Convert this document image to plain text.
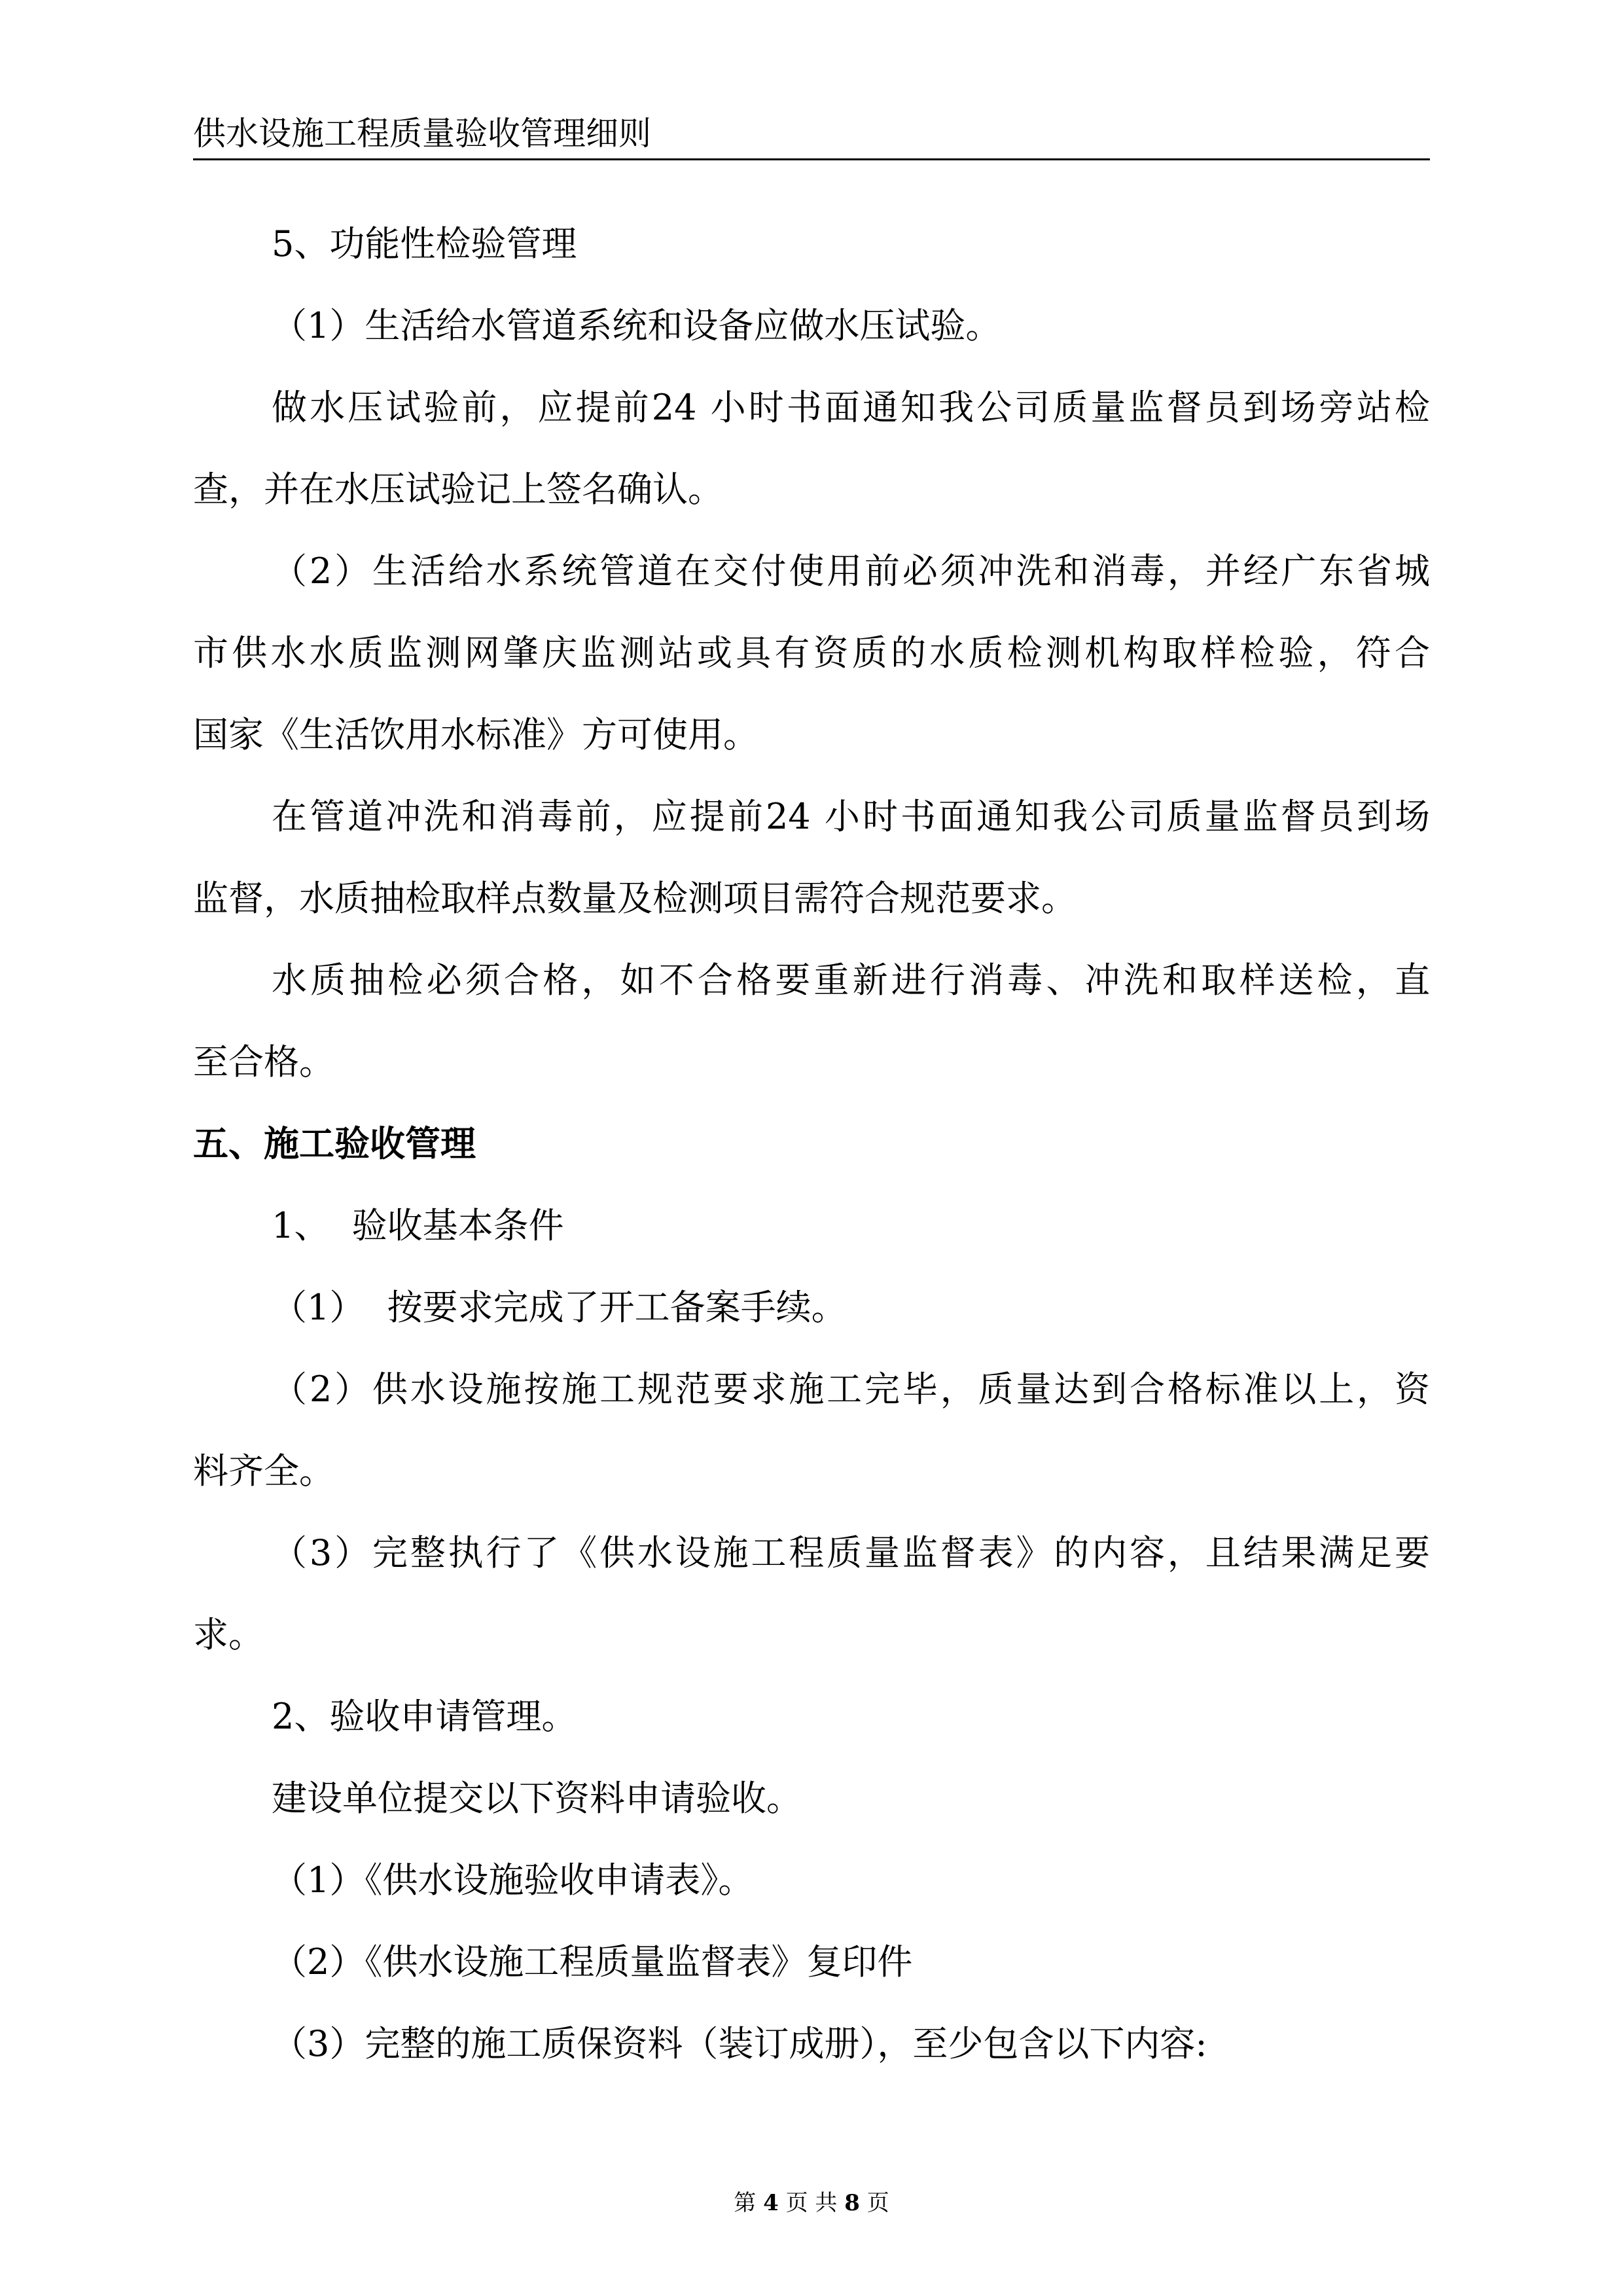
供水设施工程质量验收管理细则
5、功能性检验管理
（1）生活给水管道系统和设备应做水压试验。
做水压试验前，应提前24 小时书面通知我公司质量监督员到场旁站检
查，并在水压试验记上签名确认。
（2）生活给水系统管道在交付使用前必须冲洗和消毒，并经广东省城
市供水水质监测网肇庆监测站或具有资质的水质检测机构取样检验，符合
国家《生活饮用水标准》方可使用。
在管道冲洗和消毒前，应提前24 小时书面通知我公司质量监督员到场
监督，水质抽检取样点数量及检测项目需符合规范要求。
水质抽检必须合格，如不合格要重新进行消毒、冲洗和取样送检，直
至合格。
五、施工验收管理
1、  验收基本条件
（1）  按要求完成了开工备案手续。
（2）供水设施按施工规范要求施工完毕，质量达到合格标准以上，资
料齐全。
（3）完整执行了《供水设施工程质量监督表》的内容，且结果满足要
求。
2、验收申请管理。
建设单位提交以下资料申请验收。
（1）《供水设施验收申请表》。
（2）《供水设施工程质量监督表》复印件
（3）完整的施工质保资料（装订成册），至少包含以下内容:
第 4 页 共 8 页
